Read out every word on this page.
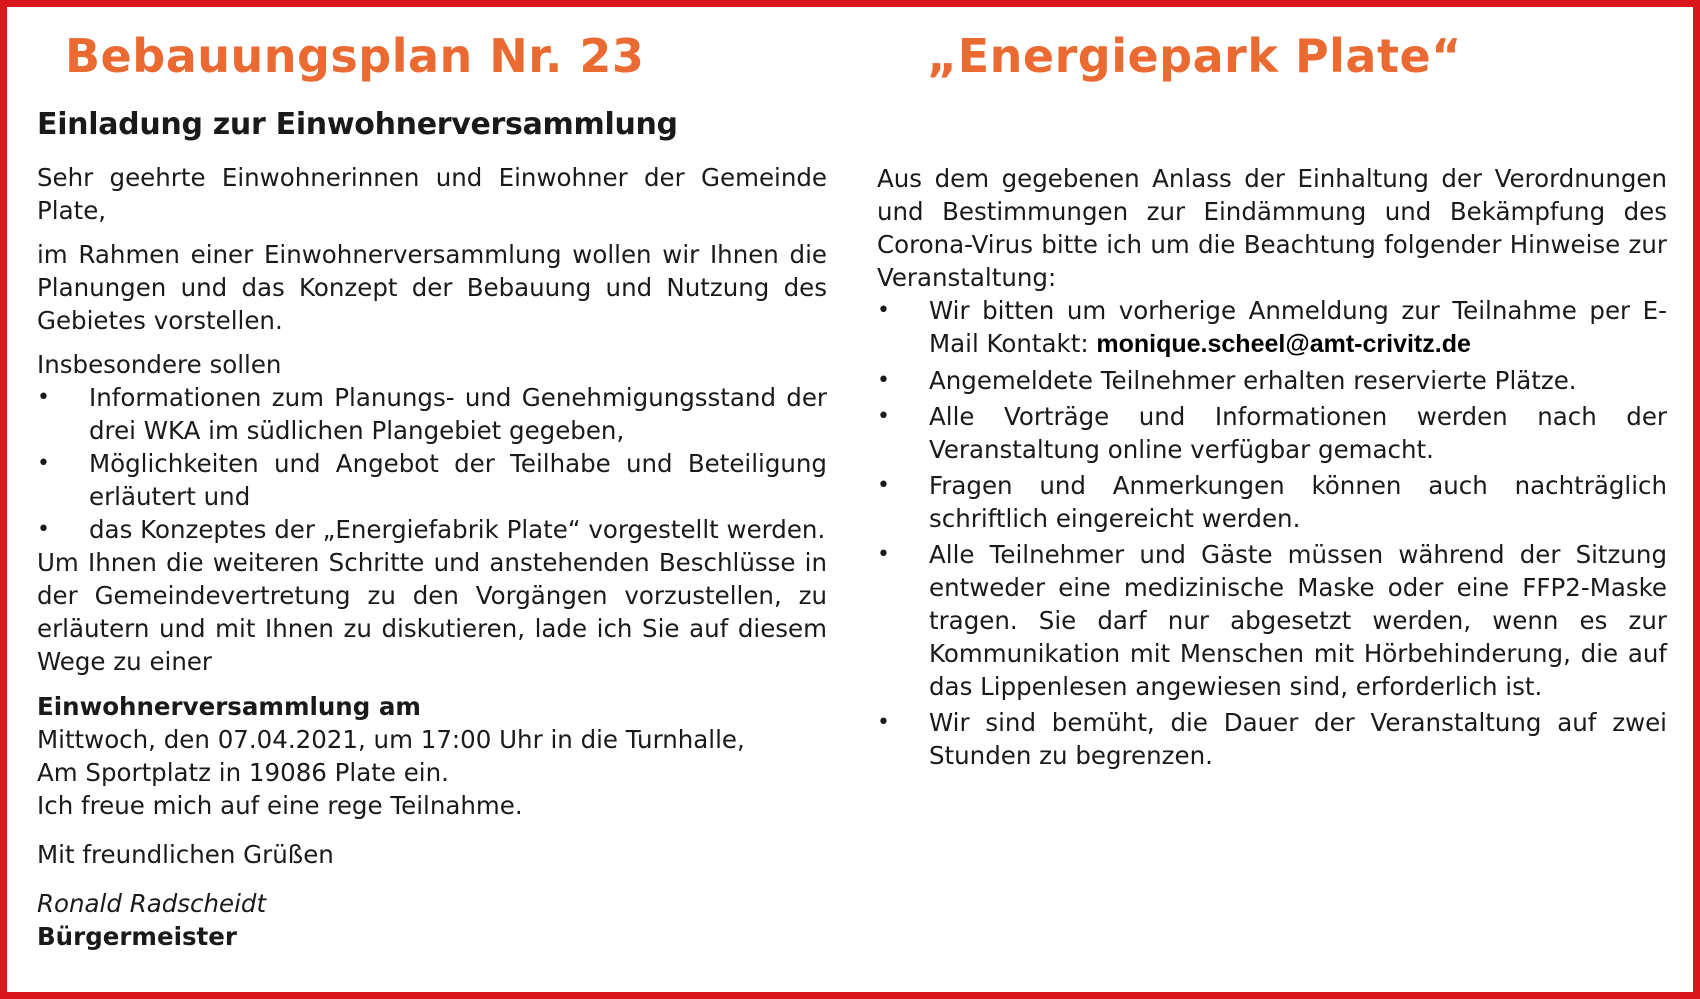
Bebauungsplan Nr. 23	„Energiepark Plate“
Einladung zur Einwohnerversammlung

Sehr geehrte Einwohnerinnen und Einwohner der Gemeinde Plate,

im Rahmen einer Einwohnerversammlung wollen wir Ihnen die Planungen und das Konzept der Bebauung und Nutzung des Gebietes vorstellen.

Insbesondere sollen

• Informationen zum Planungs- und Genehmigungsstand der drei WKA im südlichen Plangebiet gegeben,
• Möglichkeiten und Angebot der Teilhabe und Beteiligung erläutert und
• das Konzeptes der „Energiefabrik Plate“ vorgestellt werden.

Um Ihnen die weiteren Schritte und anstehenden Beschlüsse in der Gemeindevertretung zu den Vorgängen vorzustellen, zu erläutern und mit Ihnen zu diskutieren, lade ich Sie auf diesem Wege zu einer

Einwohnerversammlung am
Mittwoch, den 07.04.2021, um 17:00 Uhr in die Turnhalle,
Am Sportplatz in 19086 Plate ein.
Ich freue mich auf eine rege Teilnahme.
Mit freundlichen Grüßen
Ronald Radscheidt
Bürgermeister

Aus dem gegebenen Anlass der Einhaltung der Verordnungen und Bestimmungen zur Eindämmung und Bekämpfung des Corona-Virus bitte ich um die Beachtung folgender Hinweise zur Veranstaltung:

• Wir bitten um vorherige Anmeldung zur Teilnahme per E-Mail Kontakt: monique.scheel@amt-crivitz.de
• Angemeldete Teilnehmer erhalten reservierte Plätze.
• Alle Vorträge und Informationen werden nach der Veranstaltung online verfügbar gemacht.
• Fragen und Anmerkungen können auch nachträglich schriftlich eingereicht werden.
• Alle Teilnehmer und Gäste müssen während der Sitzung entweder eine medizinische Maske oder eine FFP2-Maske tragen. Sie darf nur abgesetzt werden, wenn es zur Kommunikation mit Menschen mit Hörbehinderung, die auf das Lippenlesen angewiesen sind, erforderlich ist.
• Wir sind bemüht, die Dauer der Veranstaltung auf zwei Stunden zu begrenzen.
